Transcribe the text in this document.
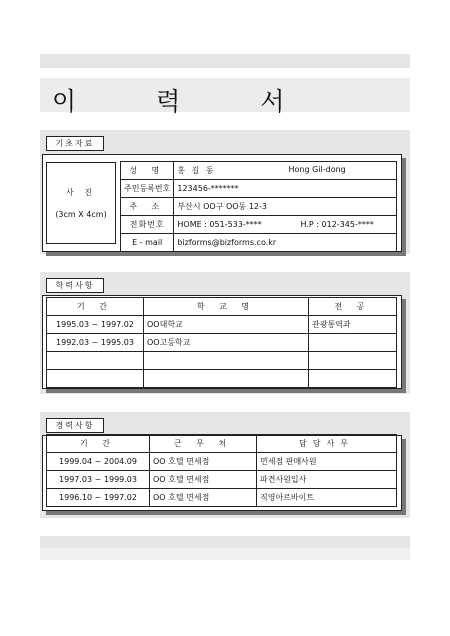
이 력 서
기초자료
사 진
(3cm X 4cm)
성 명	홍 길 동 Hong Gil-dong

주민등록번호	123456-*******
주 소	부산시 OO구 OO동 12-3
전화번호	HOME : 051-533-**** H.P : 012-345-****

E - mail	bizforms@bizforms.co.kr
학력사항
기 간	학 교 명	전 공
1995.03 ~ 1997.02	OO대학교	관광통역과
1992.03 ~ 1995.03	OO고등학교	

경력사항
기 간	근 무 처	담당사무
1999.04 ~ 2004.09	OO 호텔 면세점	면세점 판매사원
1997.03 ~ 1999.03	OO 호텔 면세점	파견사원입사
1996.10 ~ 1997.02	OO 호텔 면세점	직영아르바이트
